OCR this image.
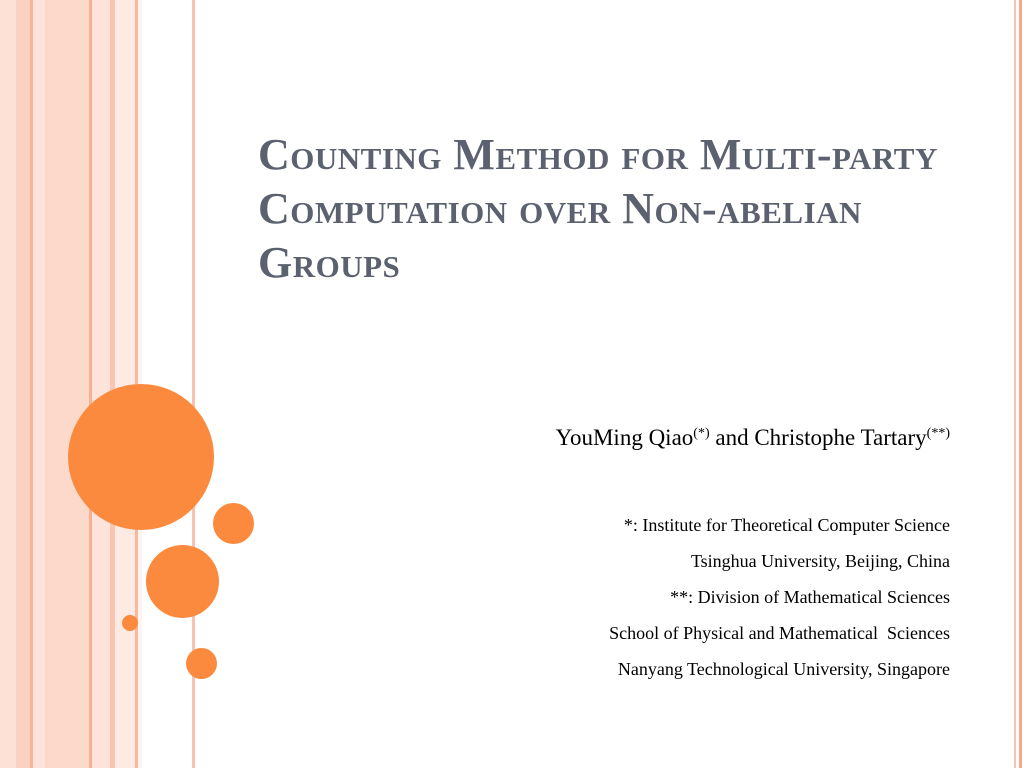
Counting Method for Multi-party Computation over Non-abelian Groups
YouMing Qiao(*) and Christophe Tartary(**)
*: Institute for Theoretical Computer Science
Tsinghua University, Beijing, China
**: Division of Mathematical Sciences
School of Physical and Mathematical  Sciences
Nanyang Technological University, Singapore
